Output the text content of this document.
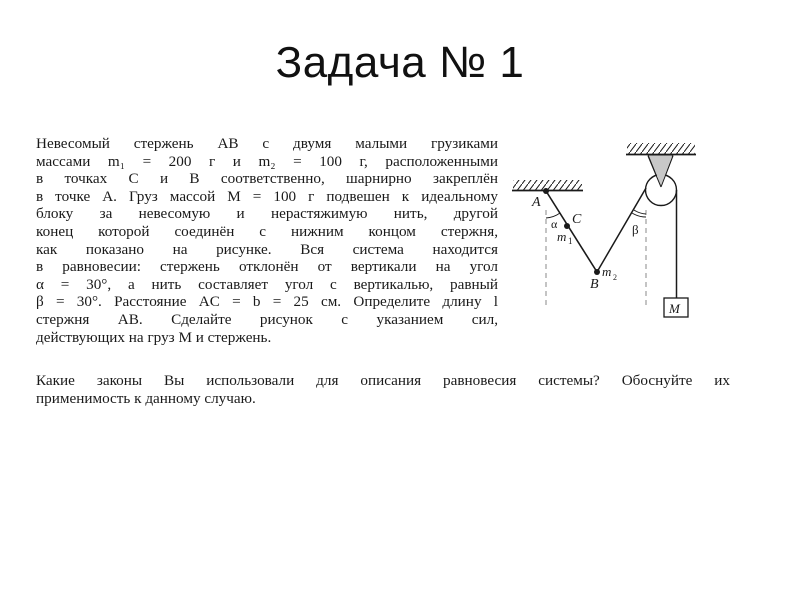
Задача № 1
Невесомый стержень AB с двумя малыми грузиками
массами m₁ = 200 г и m₂ = 100 г, расположенными
в точках C и B соответственно, шарнирно закреплён
в точке A. Груз массой M = 100 г подвешен к идеальному
блоку за невесомую и нерастяжимую нить, другой
конец которой соединён с нижним концом стержня,
как показано на рисунке. Вся система находится
в равновесии: стержень отклонён от вертикали на угол
α = 30°, а нить составляет угол с вертикалью, равный
β = 30°. Расстояние AC = b = 25 см. Определите длину l
стержня AB. Сделайте рисунок с указанием сил,
действующих на груз M и стержень.
Какие законы Вы использовали для описания равновесия системы? Обоснуйте их
применимость к данному случаю.
M
A
C
α
m 1
β
m 2
B
